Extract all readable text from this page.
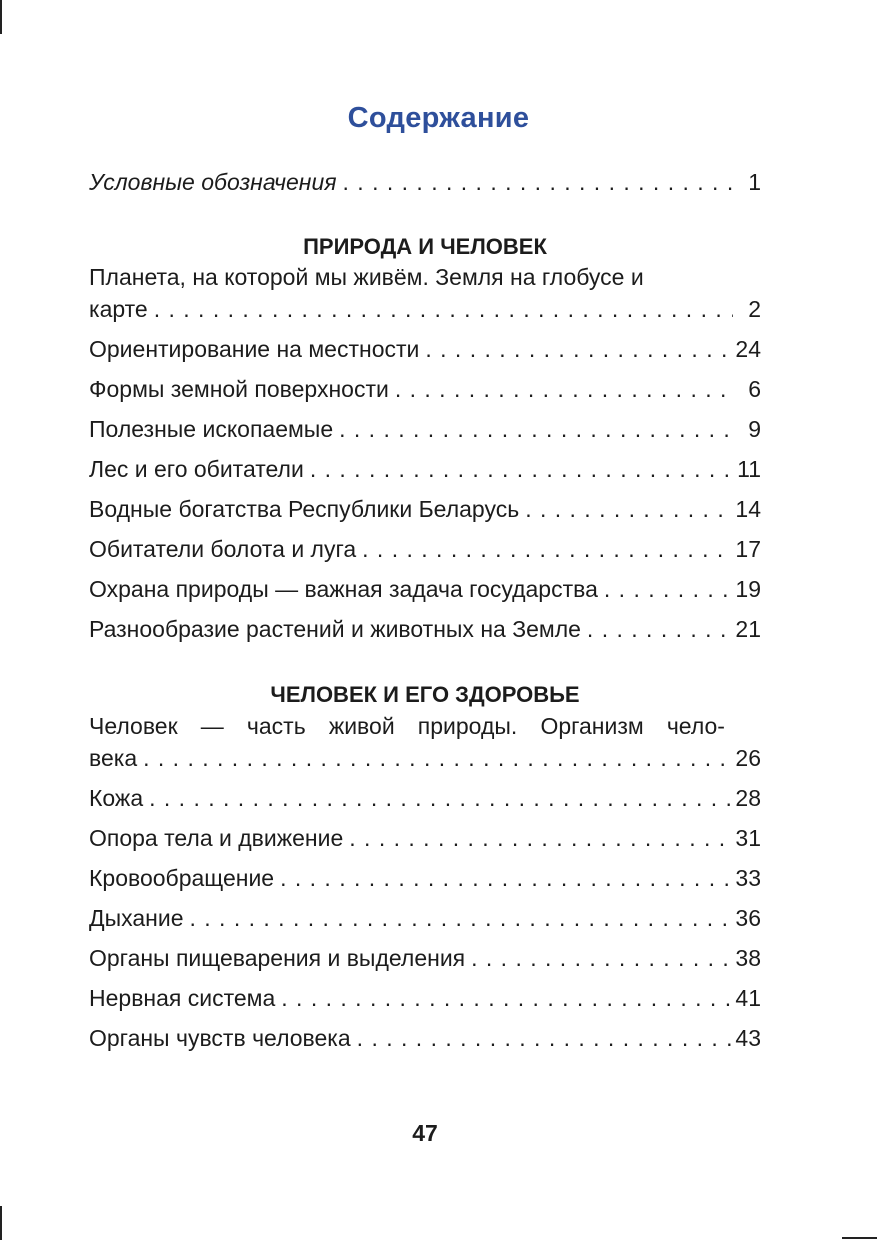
Содержание
Условные обозначения . . .	1
ПРИРОДА И ЧЕЛОВЕК
Планета, на которой мы живём. Земля на глобусе и
карте . . .	2
Ориентирование на местности . . .	24
Формы земной поверхности . . .	6
Полезные ископаемые . . .	9
Лес и его обитатели . . .	11
Водные богатства Республики Беларусь . . .	14
Обитатели болота и луга . . .	17
Охрана природы — важная задача государства . . .	19
Разнообразие растений и животных на Земле . . .	21
ЧЕЛОВЕК И ЕГО ЗДОРОВЬЕ
Человек — часть живой природы. Организм чело-
века . . .	26
Кожа . . .	28
Опора тела и движение . . .	31
Кровообращение . . .	33
Дыхание . . .	36
Органы пищеварения и выделения . . .	38
Нервная система . . .	41
Органы чувств человека . . .	43
47
